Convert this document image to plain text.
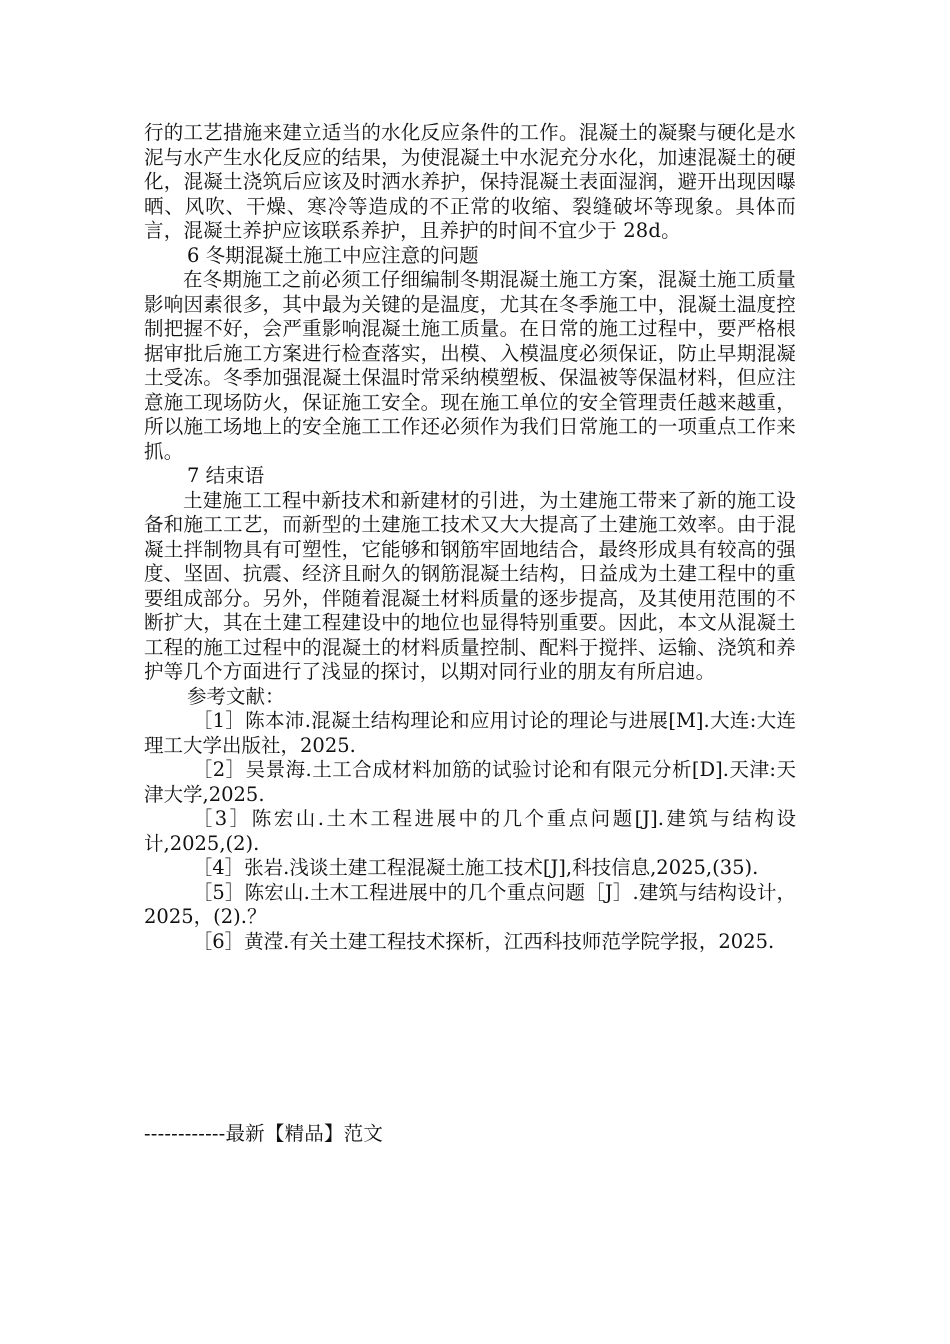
行的工艺措施来建立适当的水化反应条件的工作。混凝土的凝聚与硬化是水泥与水产生水化反应的结果，为使混凝土中水泥充分水化，加速混凝土的硬化，混凝土浇筑后应该及时洒水养护，保持混凝土表面湿润，避开出现因曝晒、风吹、干燥、寒冷等造成的不正常的收缩、裂缝破坏等现象。具体而言，混凝土养护应该联系养护，且养护的时间不宜少于 28d。

6 冬期混凝土施工中应注意的问题

在冬期施工之前必须工仔细编制冬期混凝土施工方案，混凝土施工质量影响因素很多，其中最为关键的是温度，尤其在冬季施工中，混凝土温度控制把握不好，会严重影响混凝土施工质量。在日常的施工过程中，要严格根据审批后施工方案进行检查落实，出模、入模温度必须保证，防止早期混凝土受冻。冬季加强混凝土保温时常采纳模塑板、保温被等保温材料，但应注意施工现场防火，保证施工安全。现在施工单位的安全管理责任越来越重，所以施工场地上的安全施工工作还必须作为我们日常施工的一项重点工作来抓。

7 结束语

土建施工工程中新技术和新建材的引进，为土建施工带来了新的施工设备和施工工艺，而新型的土建施工技术又大大提高了土建施工效率。由于混凝土拌制物具有可塑性，它能够和钢筋牢固地结合，最终形成具有较高的强度、坚固、抗震、经济且耐久的钢筋混凝土结构，日益成为土建工程中的重要组成部分。另外，伴随着混凝土材料质量的逐步提高，及其使用范围的不断扩大，其在土建工程建设中的地位也显得特别重要。因此，本文从混凝土工程的施工过程中的混凝土的材料质量控制、配料于搅拌、运输、浇筑和养护等几个方面进行了浅显的探讨，以期对同行业的朋友有所启迪。

参考文献：

［1］陈本沛.混凝土结构理论和应用讨论的理论与进展[M].大连:大连理工大学出版社，2025.

［2］吴景海.土工合成材料加筋的试验讨论和有限元分析[D].天津:天津大学,2025.

［3］陈宏山.土木工程进展中的几个重点问题[J].建筑与结构设计,2025,(2).

［4］张岩.浅谈土建工程混凝土施工技术[J],科技信息,2025,(35).

［5］陈宏山.土木工程进展中的几个重点问题［J］.建筑与结构设计，2025，(2).？

［6］黄滢.有关土建工程技术探析，江西科技师范学院学报，2025.

------------最新【精品】范文
